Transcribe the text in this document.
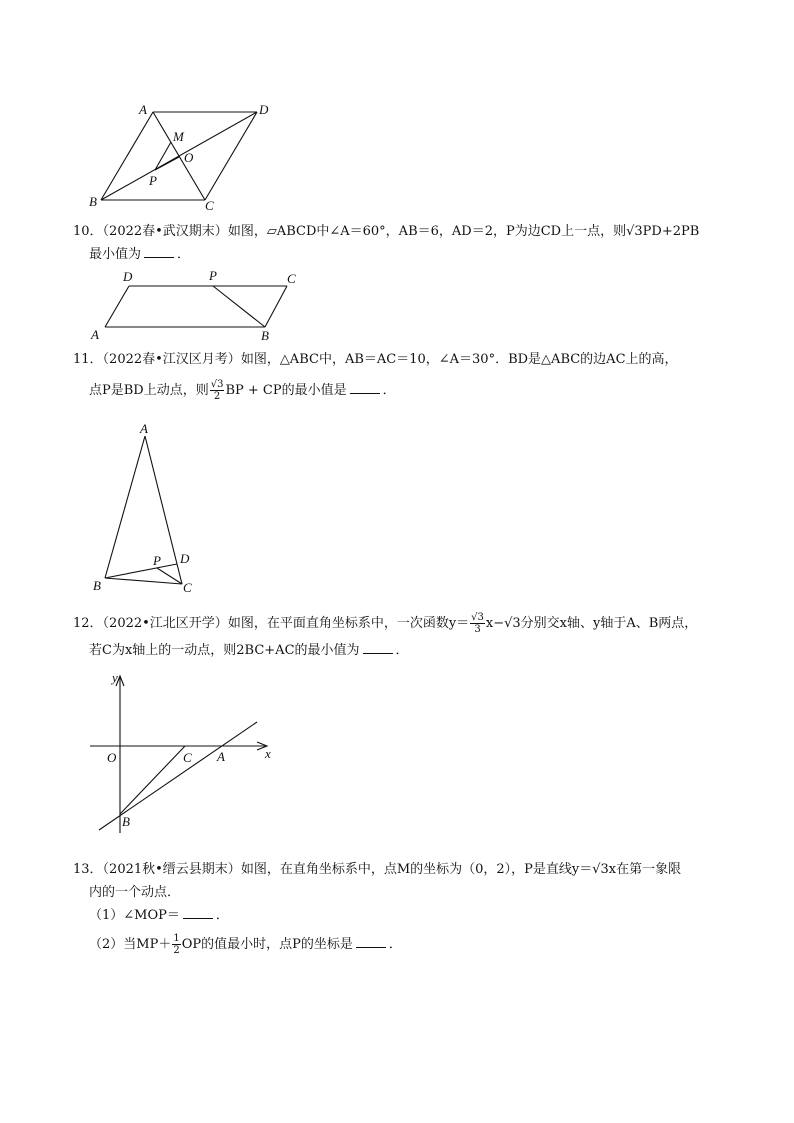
A	D
M
O
P
B	C
10．（2022春•武汉期末）如图，▱ABCD中∠A＝60°，AB＝6，AD＝2，P为边CD上一点，则√3PD+2PB
最小值为	．
D	P	C
A	B
11．（2022春•江汉区月考）如图，△ABC中，AB＝AC＝10，∠A＝30°．BD是△ABC的边AC上的高，
点P是BD上动点，则 $\frac{√3}{2}$ BP + CP的最小值是	．
A
D
P
B	C
12．（2022•江北区开学）如图，在平面直角坐标系中，一次函数$y= \frac{√3}{3} x-√3$分别交x轴、y轴于A、B两点，
若C为x轴上的一动点，则2BC+AC的最小值为	．
y
x
O	C A
B
13．（2021秋•缙云县期末）如图，在直角坐标系中，点M的坐标为（0，2），P是直线y＝√3x在第一象限
内的一个动点．
（1）∠MOP＝	．
（2）当$MP+ \frac{1}{2}$ OP的值最小时，点P的坐标是	．
